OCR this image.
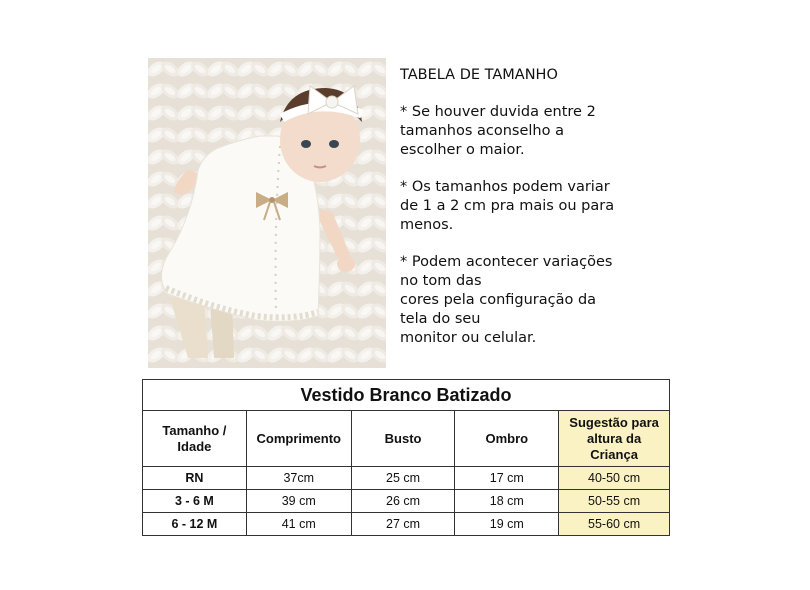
TABELA DE TAMANHO

* Se houver duvida entre 2
tamanhos aconselho a
escolher o maior.

* Os tamanhos podem variar
de 1 a 2 cm pra mais ou para
menos.

* Podem acontecer variações
no tom das
cores pela configuração da
tela do seu
monitor ou celular.

Vestido Branco Batizado				
Tamanho /
Idade	Comprimento	Busto	Ombro	Sugestão para
altura da
Criança
RN	37cm	25 cm	17 cm	40-50 cm
3 - 6 M	39 cm	26 cm	18 cm	50-55 cm
6 - 12 M	41 cm	27 cm	19 cm	55-60 cm
